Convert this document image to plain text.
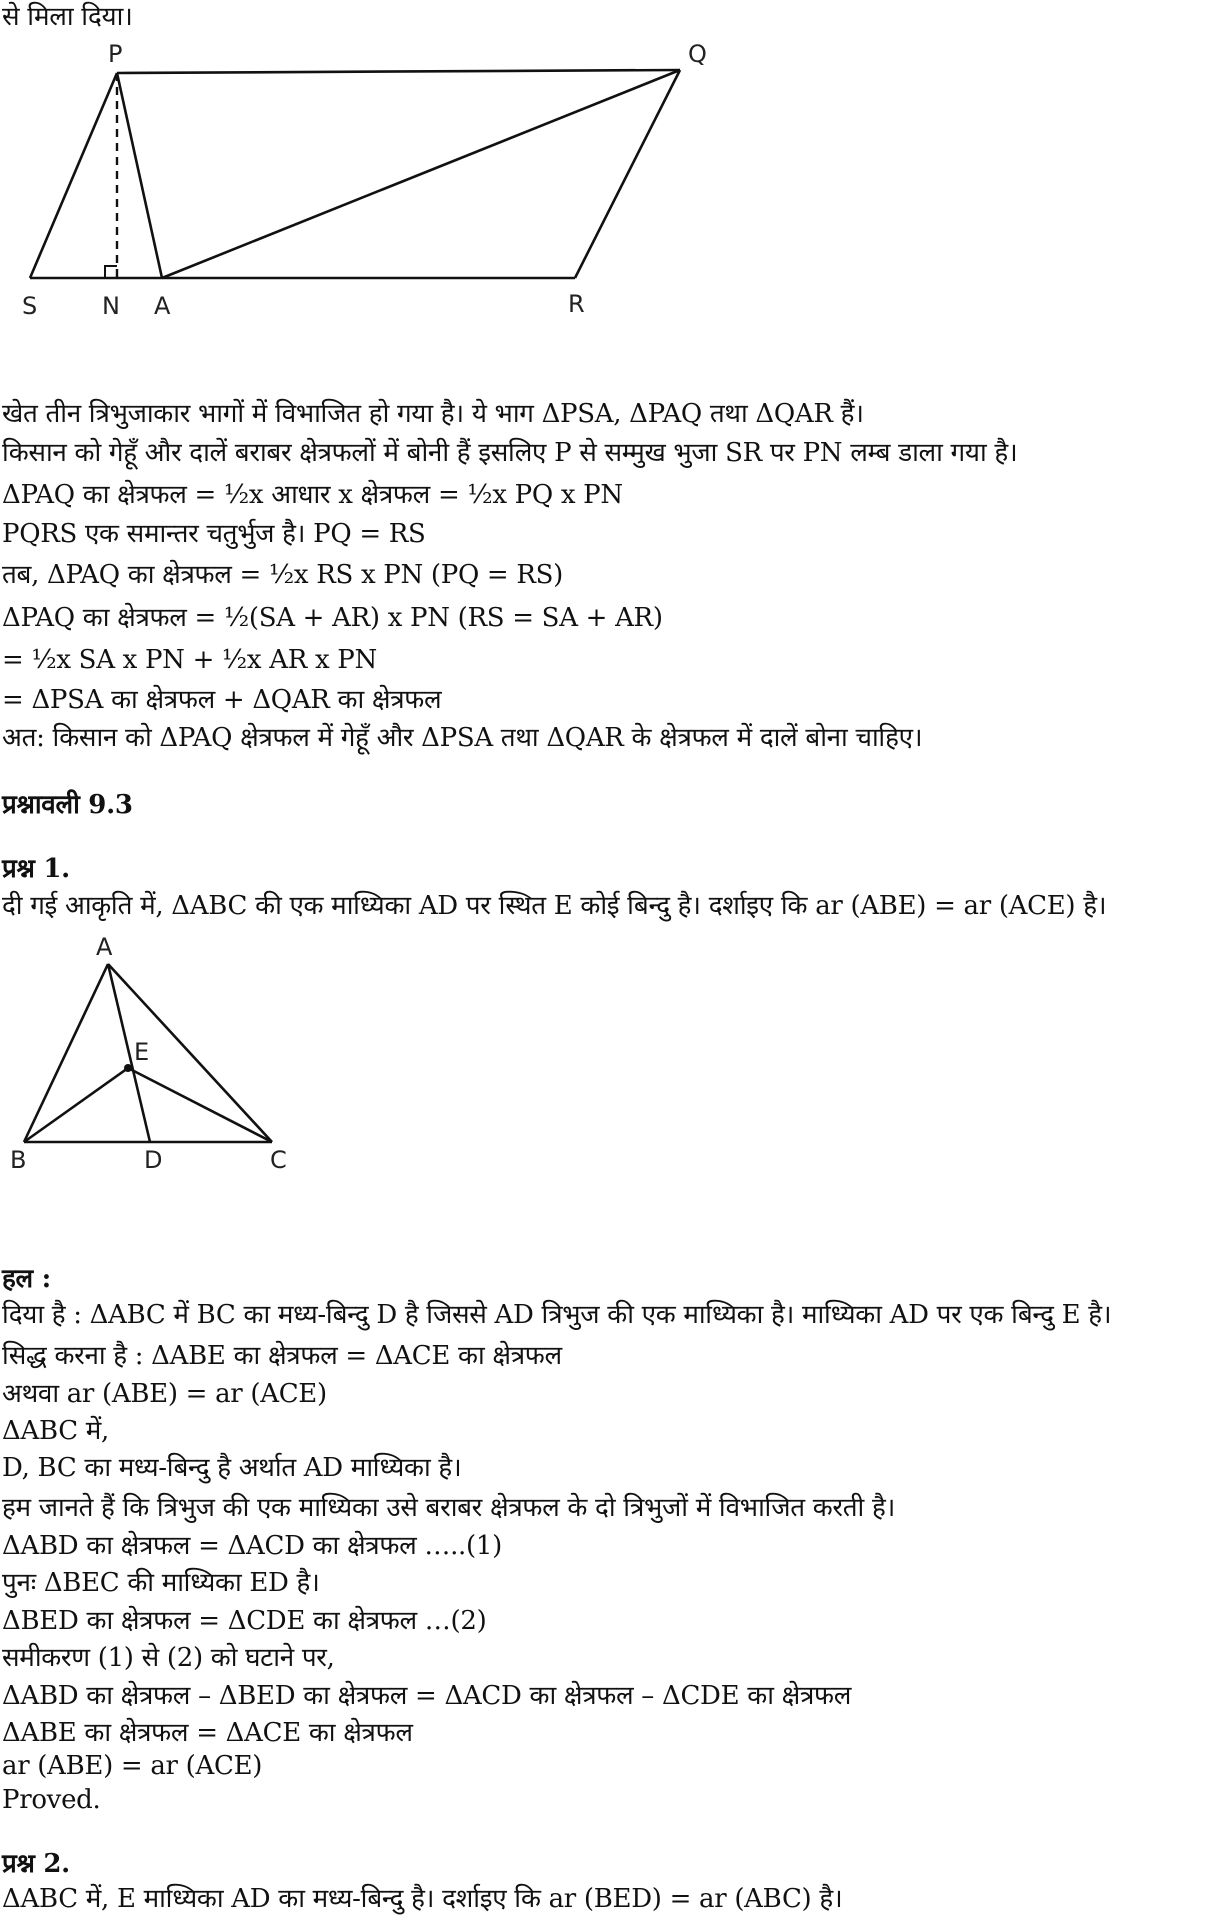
से मिला दिया।
P	Q
S	N A	R
खेत तीन त्रिभुजाकार भागों में विभाजित हो गया है। ये भाग ΔPSA, ΔPAQ तथा ΔQAR हैं।
किसान को गेहूँ और दालें बराबर क्षेत्रफलों में बोनी हैं इसलिए P से सम्मुख भुजा SR पर PN लम्ब डाला गया है।
ΔPAQ का क्षेत्रफल = ½x आधार x क्षेत्रफल = ½x PQ x PN
PQRS एक समान्तर चतुर्भुज है। PQ = RS
तब, ΔPAQ का क्षेत्रफल = ½x RS x PN (PQ = RS)
ΔPAQ का क्षेत्रफल = ½(SA + AR) x PN (RS = SA + AR)
= ½x SA x PN + ½x AR x PN
= ΔPSA का क्षेत्रफल + ΔQAR का क्षेत्रफल
अत: किसान को ΔPAQ क्षेत्रफल में गेहूँ और ΔPSA तथा ΔQAR के क्षेत्रफल में दालें बोना चाहिए।
प्रश्नावली 9.3
प्रश्न 1.
दी गई आकृति में, ΔABC की एक माध्यिका AD पर स्थित E कोई बिन्दु है। दर्शाइए कि ar (ABE) = ar (ACE) है।
A
E
B	D	C
हल :
दिया है : ΔABC में BC का मध्य-बिन्दु D है जिससे AD त्रिभुज की एक माध्यिका है। माध्यिका AD पर एक बिन्दु E है।
सिद्ध करना है : ΔABE का क्षेत्रफल = ΔACE का क्षेत्रफल
अथवा ar (ABE) = ar (ACE)
ΔABC में,
D, BC का मध्य-बिन्दु है अर्थात AD माध्यिका है।
हम जानते हैं कि त्रिभुज की एक माध्यिका उसे बराबर क्षेत्रफल के दो त्रिभुजों में विभाजित करती है।
ΔABD का क्षेत्रफल = ΔACD का क्षेत्रफल …..(1)
पुनः ΔBEC की माध्यिका ED है।
ΔBED का क्षेत्रफल = ΔCDE का क्षेत्रफल …(2)
समीकरण (1) से (2) को घटाने पर,
ΔABD का क्षेत्रफल – ΔBED का क्षेत्रफल = ΔACD का क्षेत्रफल – ΔCDE का क्षेत्रफल
ΔABE का क्षेत्रफल = ΔACE का क्षेत्रफल
ar (ABE) = ar (ACE)
Proved.
प्रश्न 2.
ΔABC में, E माध्यिका AD का मध्य-बिन्दु है। दर्शाइए कि ar (BED) = ar (ABC) है।
